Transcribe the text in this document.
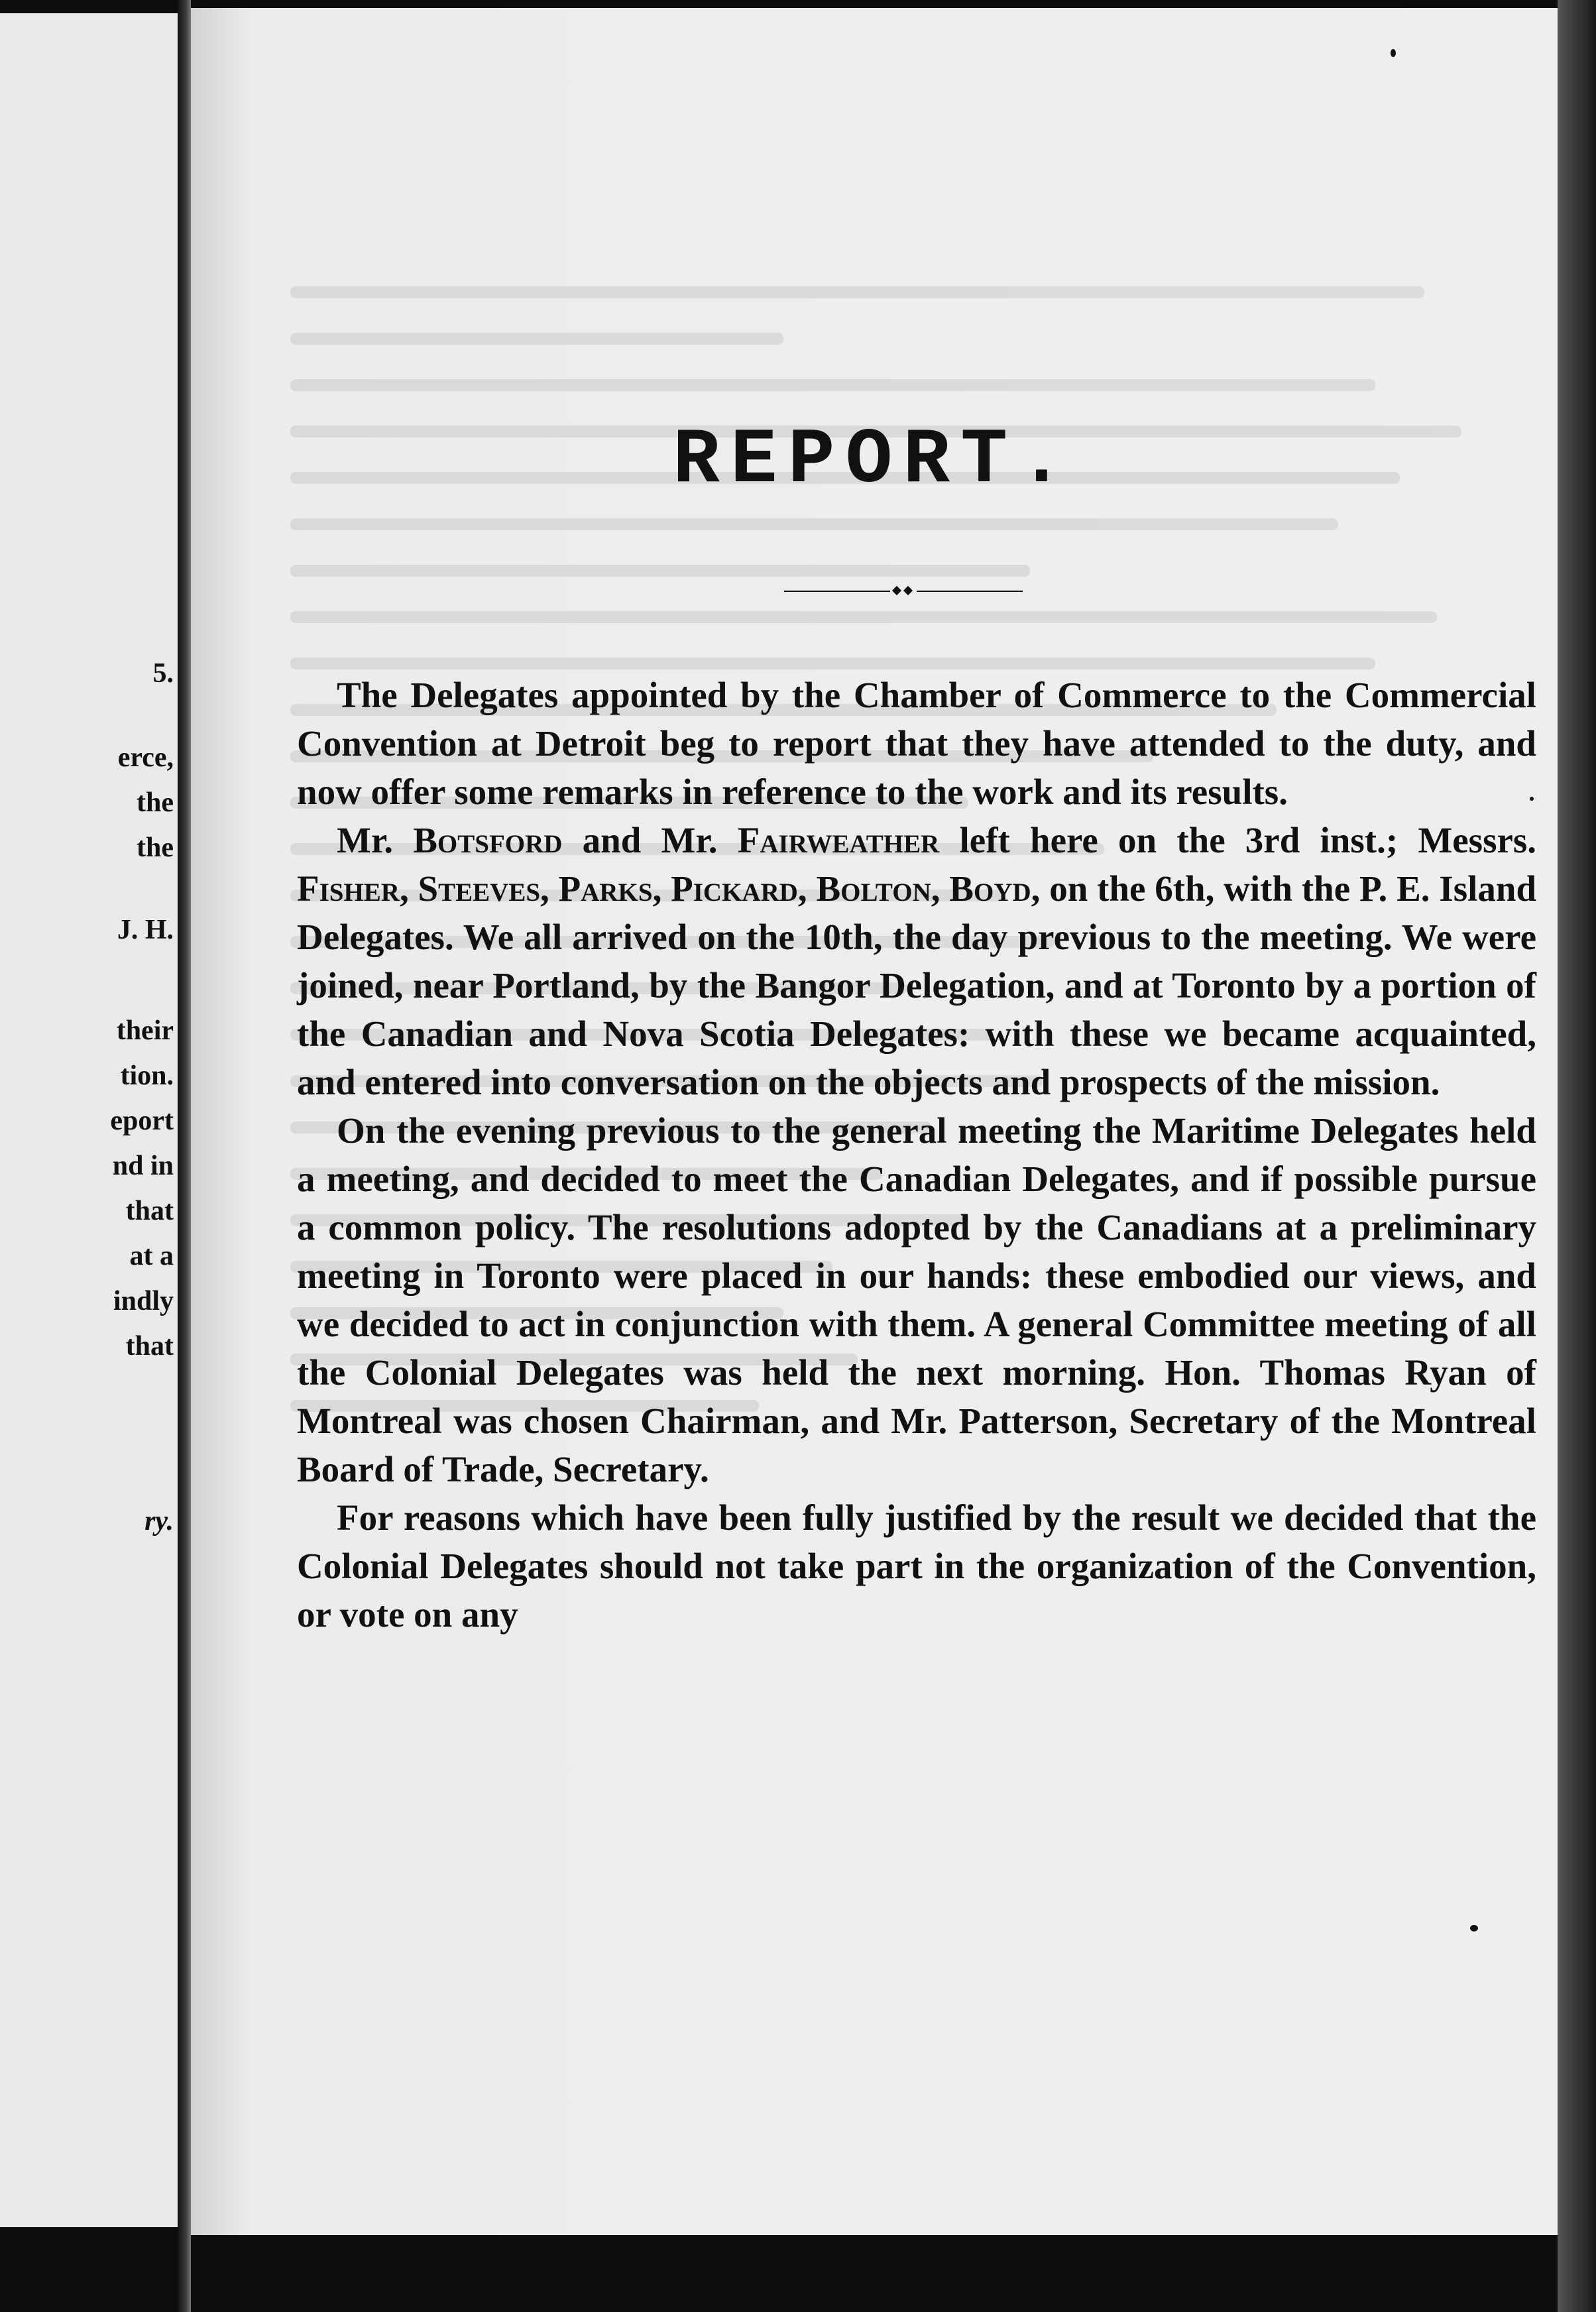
5.
erce,
the
the
J. H.
their
tion.
eport
nd in
that
at a
indly
that
ry.
REPORT.

The Delegates appointed by the Chamber of Commerce to the Commercial Convention at Detroit beg to report that they have attended to the duty, and now offer some remarks in reference to the work and its results.

Mr. Botsford and Mr. Fairweather left here on the 3rd inst.; Messrs. Fisher, Steeves, Parks, Pickard, Bolton, Boyd, on the 6th, with the P. E. Island Delegates. We all arrived on the 10th, the day previous to the meeting. We were joined, near Portland, by the Bangor Delegation, and at Toronto by a portion of the Canadian and Nova Scotia Delegates: with these we became acquainted, and entered into conversation on the objects and prospects of the mission.

On the evening previous to the general meeting the Maritime Delegates held a meeting, and decided to meet the Canadian Delegates, and if possible pursue a common policy. The resolutions adopted by the Canadians at a preliminary meeting in Toronto were placed in our hands: these embodied our views, and we decided to act in conjunction with them. A general Committee meeting of all the Colonial Delegates was held the next morning. Hon. Thomas Ryan of Montreal was chosen Chairman, and Mr. Patterson, Secretary of the Montreal Board of Trade, Secretary.

For reasons which have been fully justified by the result we decided that the Colonial Delegates should not take part in the organization of the Convention, or vote on any
